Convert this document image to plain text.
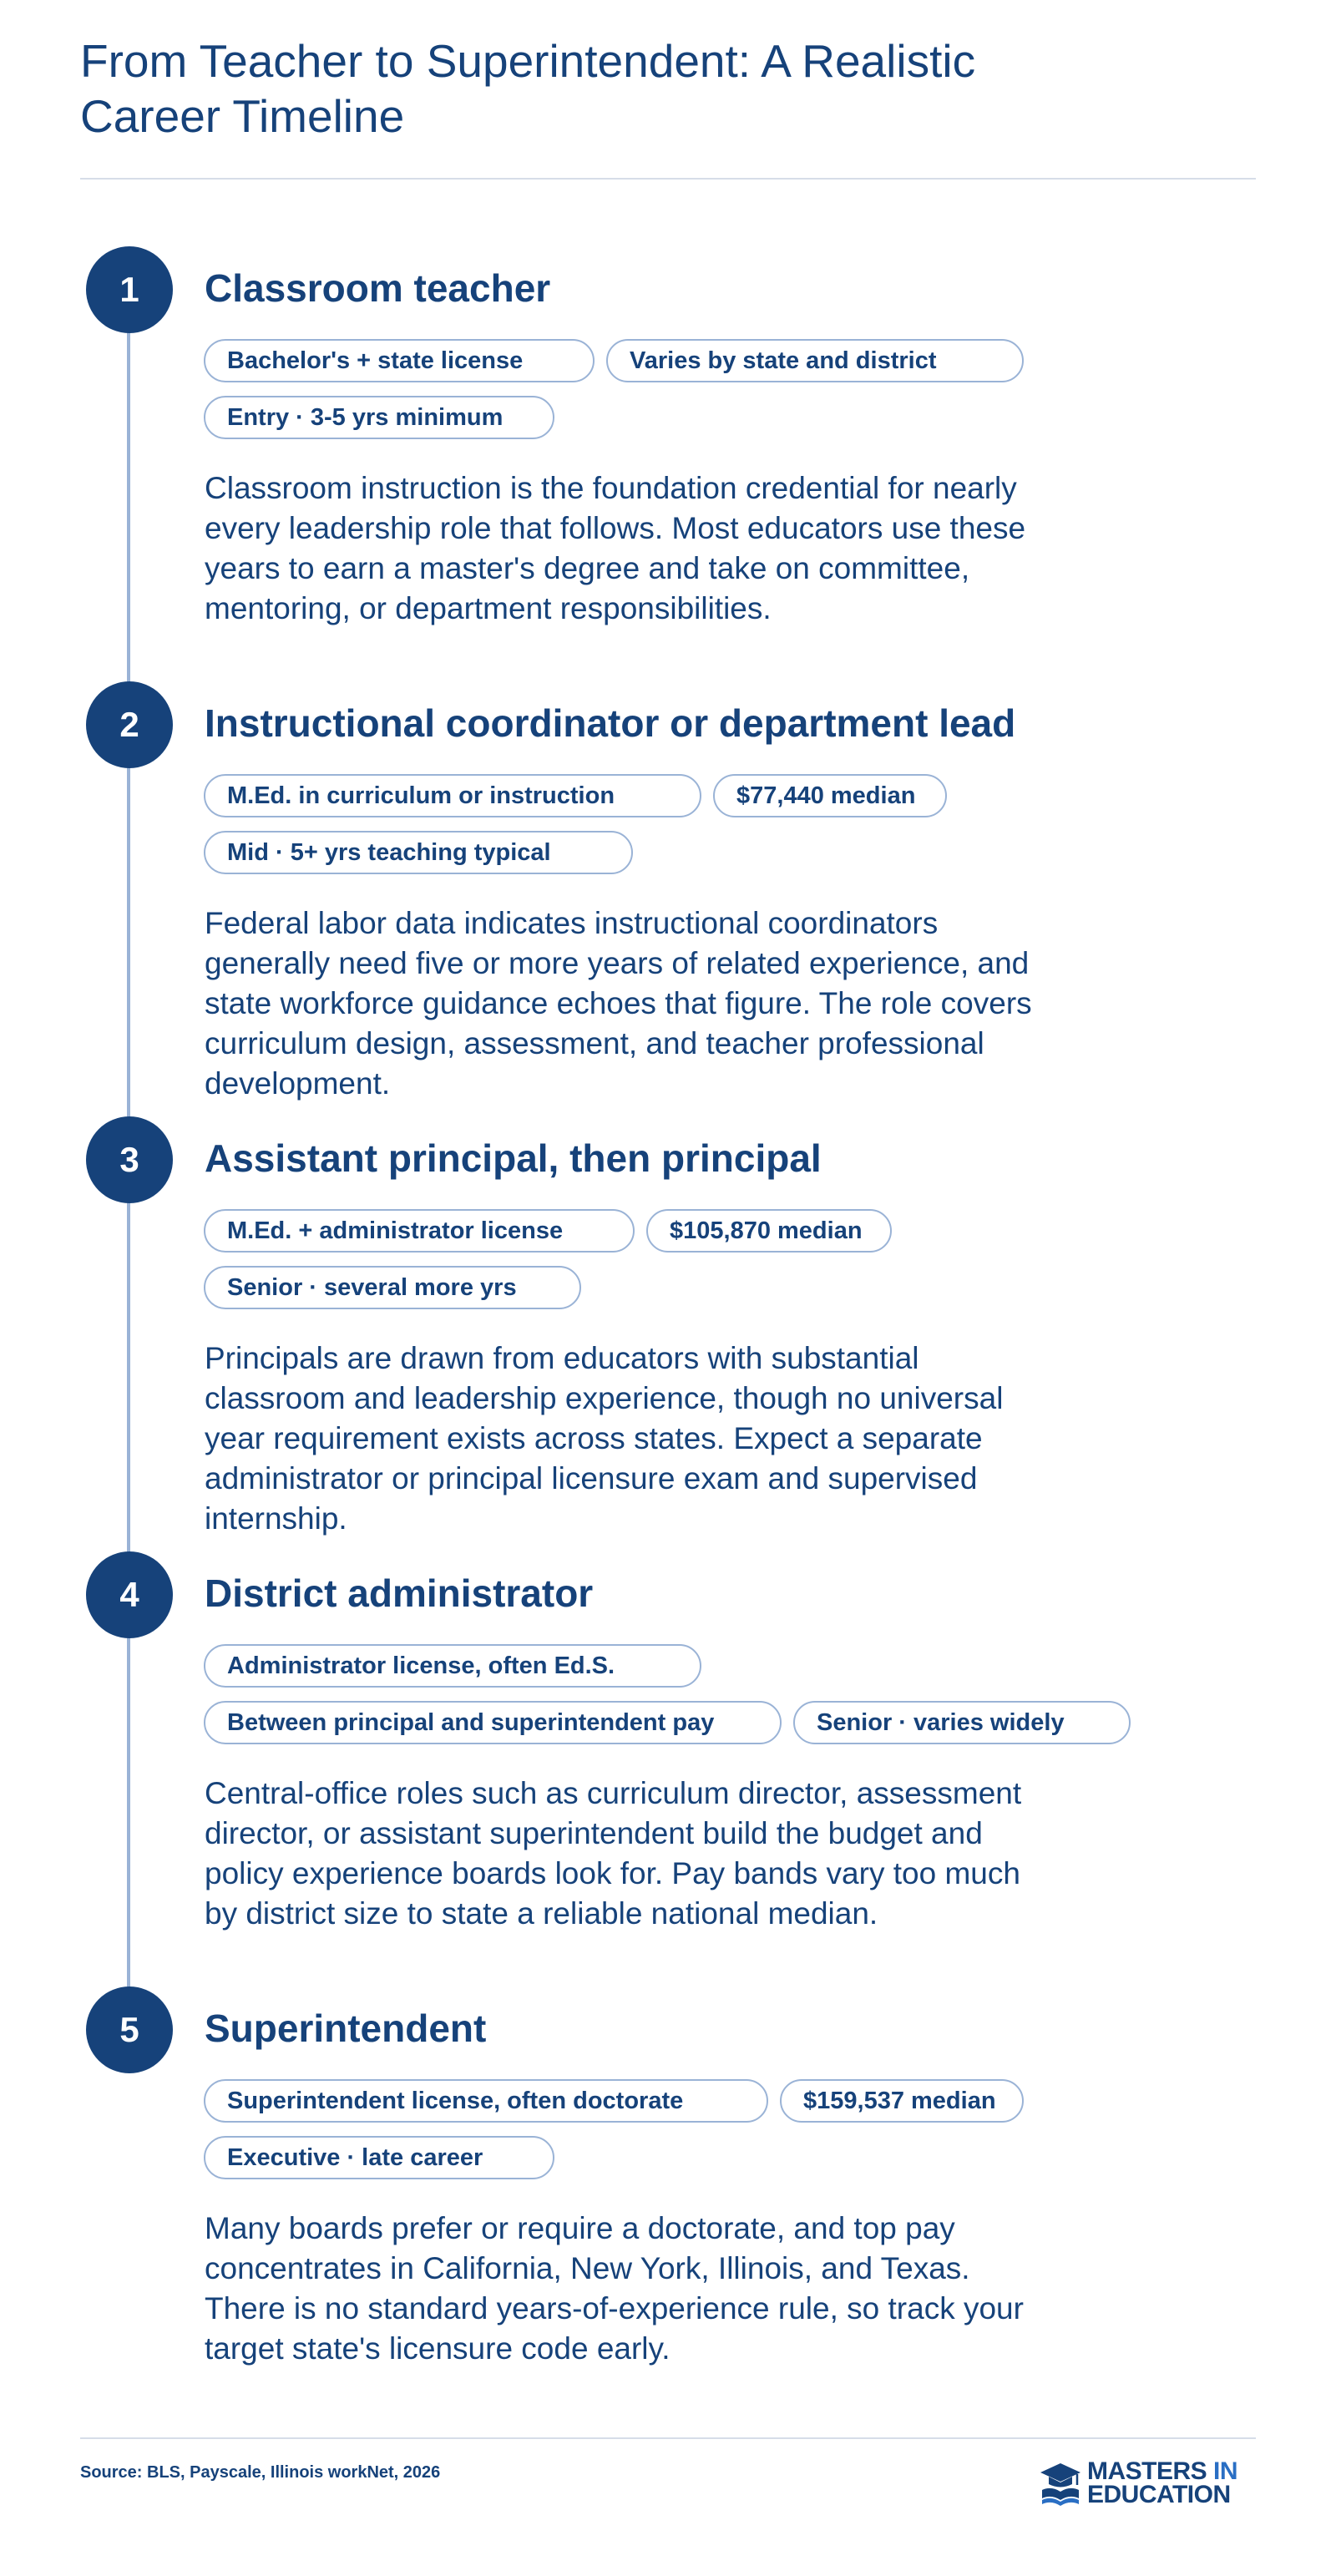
From Teacher to Superintendent: A Realistic Career Timeline
1	Classroom teacher
Bachelor's + state license	Varies by state and district
Entry · 3-5 yrs minimum

Classroom instruction is the foundation credential for nearly every leadership role that follows. Most educators use these years to earn a master's degree and take on committee, mentoring, or department responsibilities.

2	Instructional coordinator or department lead
M.Ed. in curriculum or instruction	$77,440 median
Mid · 5+ yrs teaching typical

Federal labor data indicates instructional coordinators generally need five or more years of related experience, and state workforce guidance echoes that figure. The role covers curriculum design, assessment, and teacher professional development.

3	Assistant principal, then principal
M.Ed. + administrator license	$105,870 median
Senior · several more yrs

Principals are drawn from educators with substantial classroom and leadership experience, though no universal year requirement exists across states. Expect a separate administrator or principal licensure exam and supervised internship.

4	District administrator
Administrator license, often Ed.S.
Between principal and superintendent pay	Senior · varies widely

Central-office roles such as curriculum director, assessment director, or assistant superintendent build the budget and policy experience boards look for. Pay bands vary too much by district size to state a reliable national median.

5	Superintendent
Superintendent license, often doctorate	$159,537 median
Executive · late career

Many boards prefer or require a doctorate, and top pay concentrates in California, New York, Illinois, and Texas. There is no standard years-of-experience rule, so track your target state's licensure code early.

Source: BLS, Payscale, Illinois workNet, 2026	MASTERS IN
EDUCATION
